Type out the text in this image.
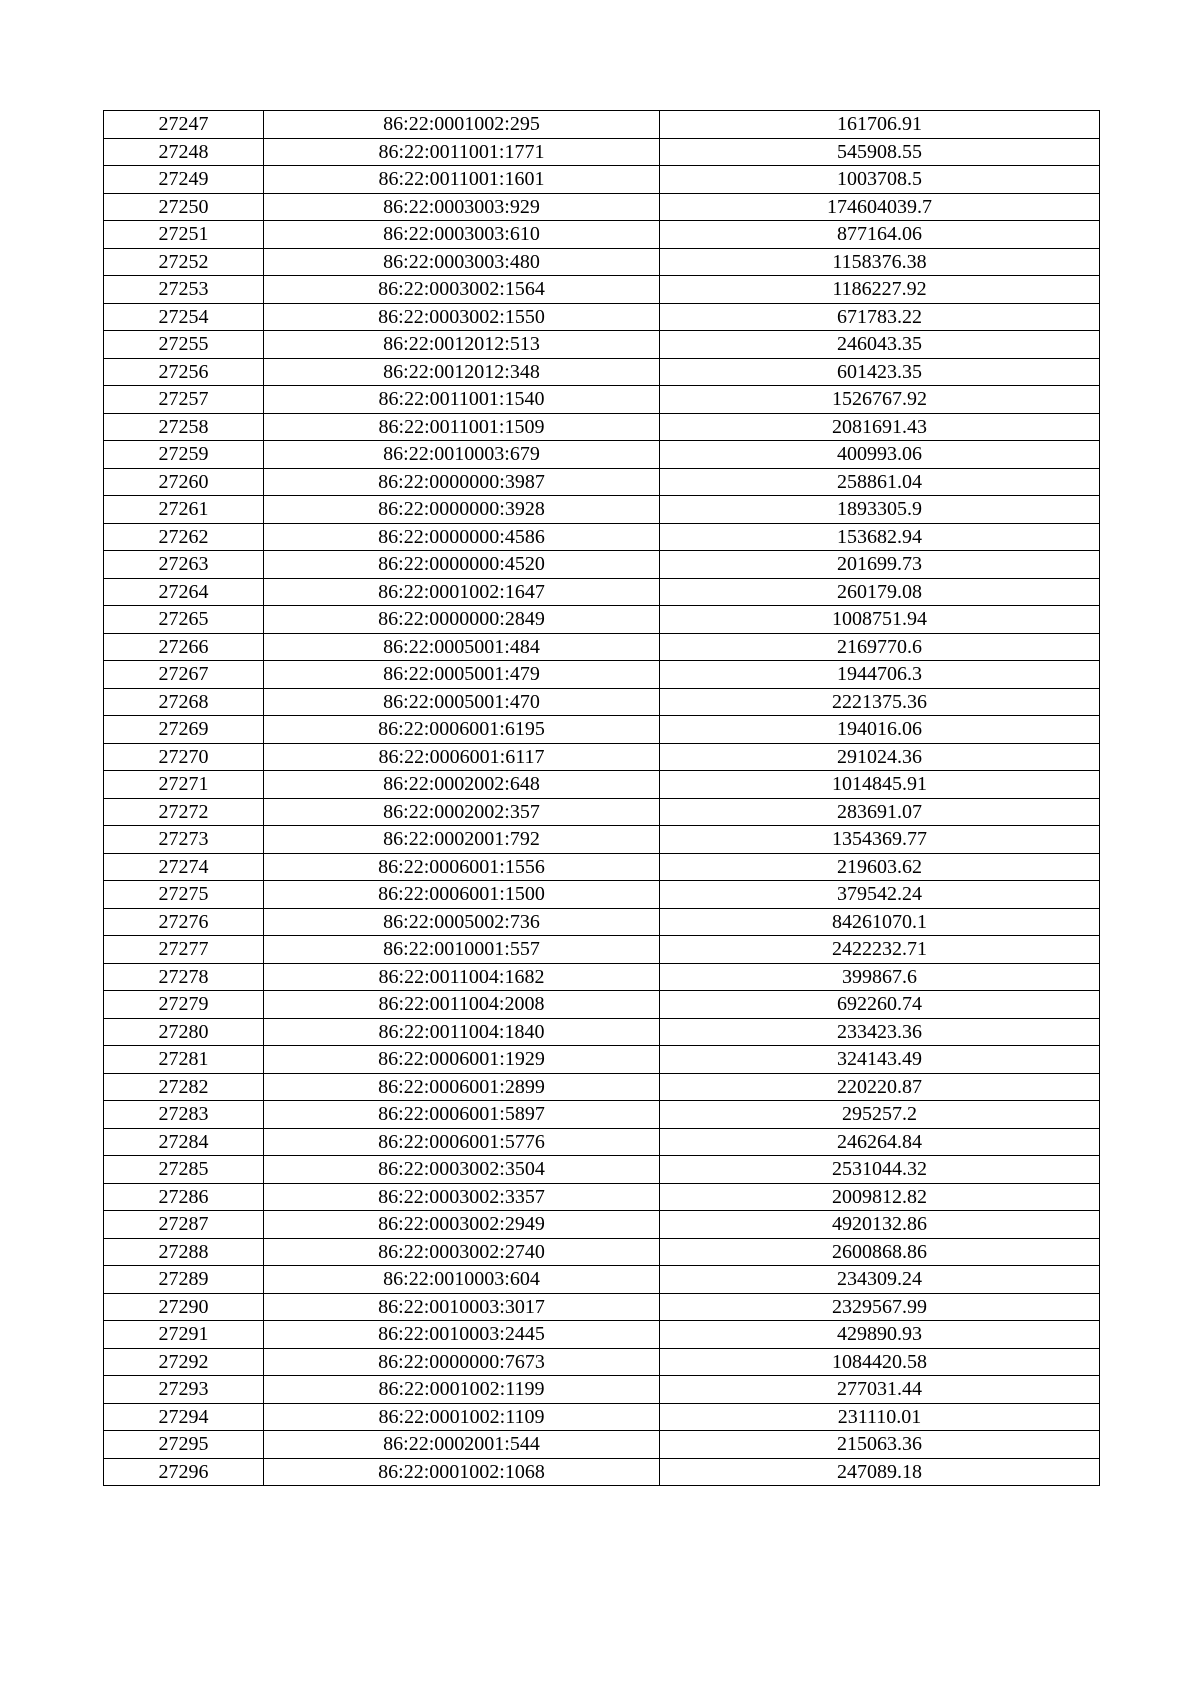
27247	86:22:0001002:295	161706.91
27248	86:22:0011001:1771	545908.55
27249	86:22:0011001:1601	1003708.5
27250	86:22:0003003:929	174604039.7
27251	86:22:0003003:610	877164.06
27252	86:22:0003003:480	1158376.38
27253	86:22:0003002:1564	1186227.92
27254	86:22:0003002:1550	671783.22
27255	86:22:0012012:513	246043.35
27256	86:22:0012012:348	601423.35
27257	86:22:0011001:1540	1526767.92
27258	86:22:0011001:1509	2081691.43
27259	86:22:0010003:679	400993.06
27260	86:22:0000000:3987	258861.04
27261	86:22:0000000:3928	1893305.9
27262	86:22:0000000:4586	153682.94
27263	86:22:0000000:4520	201699.73
27264	86:22:0001002:1647	260179.08
27265	86:22:0000000:2849	1008751.94
27266	86:22:0005001:484	2169770.6
27267	86:22:0005001:479	1944706.3
27268	86:22:0005001:470	2221375.36
27269	86:22:0006001:6195	194016.06
27270	86:22:0006001:6117	291024.36
27271	86:22:0002002:648	1014845.91
27272	86:22:0002002:357	283691.07
27273	86:22:0002001:792	1354369.77
27274	86:22:0006001:1556	219603.62
27275	86:22:0006001:1500	379542.24
27276	86:22:0005002:736	84261070.1
27277	86:22:0010001:557	2422232.71
27278	86:22:0011004:1682	399867.6
27279	86:22:0011004:2008	692260.74
27280	86:22:0011004:1840	233423.36
27281	86:22:0006001:1929	324143.49
27282	86:22:0006001:2899	220220.87
27283	86:22:0006001:5897	295257.2
27284	86:22:0006001:5776	246264.84
27285	86:22:0003002:3504	2531044.32
27286	86:22:0003002:3357	2009812.82
27287	86:22:0003002:2949	4920132.86
27288	86:22:0003002:2740	2600868.86
27289	86:22:0010003:604	234309.24
27290	86:22:0010003:3017	2329567.99
27291	86:22:0010003:2445	429890.93
27292	86:22:0000000:7673	1084420.58
27293	86:22:0001002:1199	277031.44
27294	86:22:0001002:1109	231110.01
27295	86:22:0002001:544	215063.36
27296	86:22:0001002:1068	247089.18
